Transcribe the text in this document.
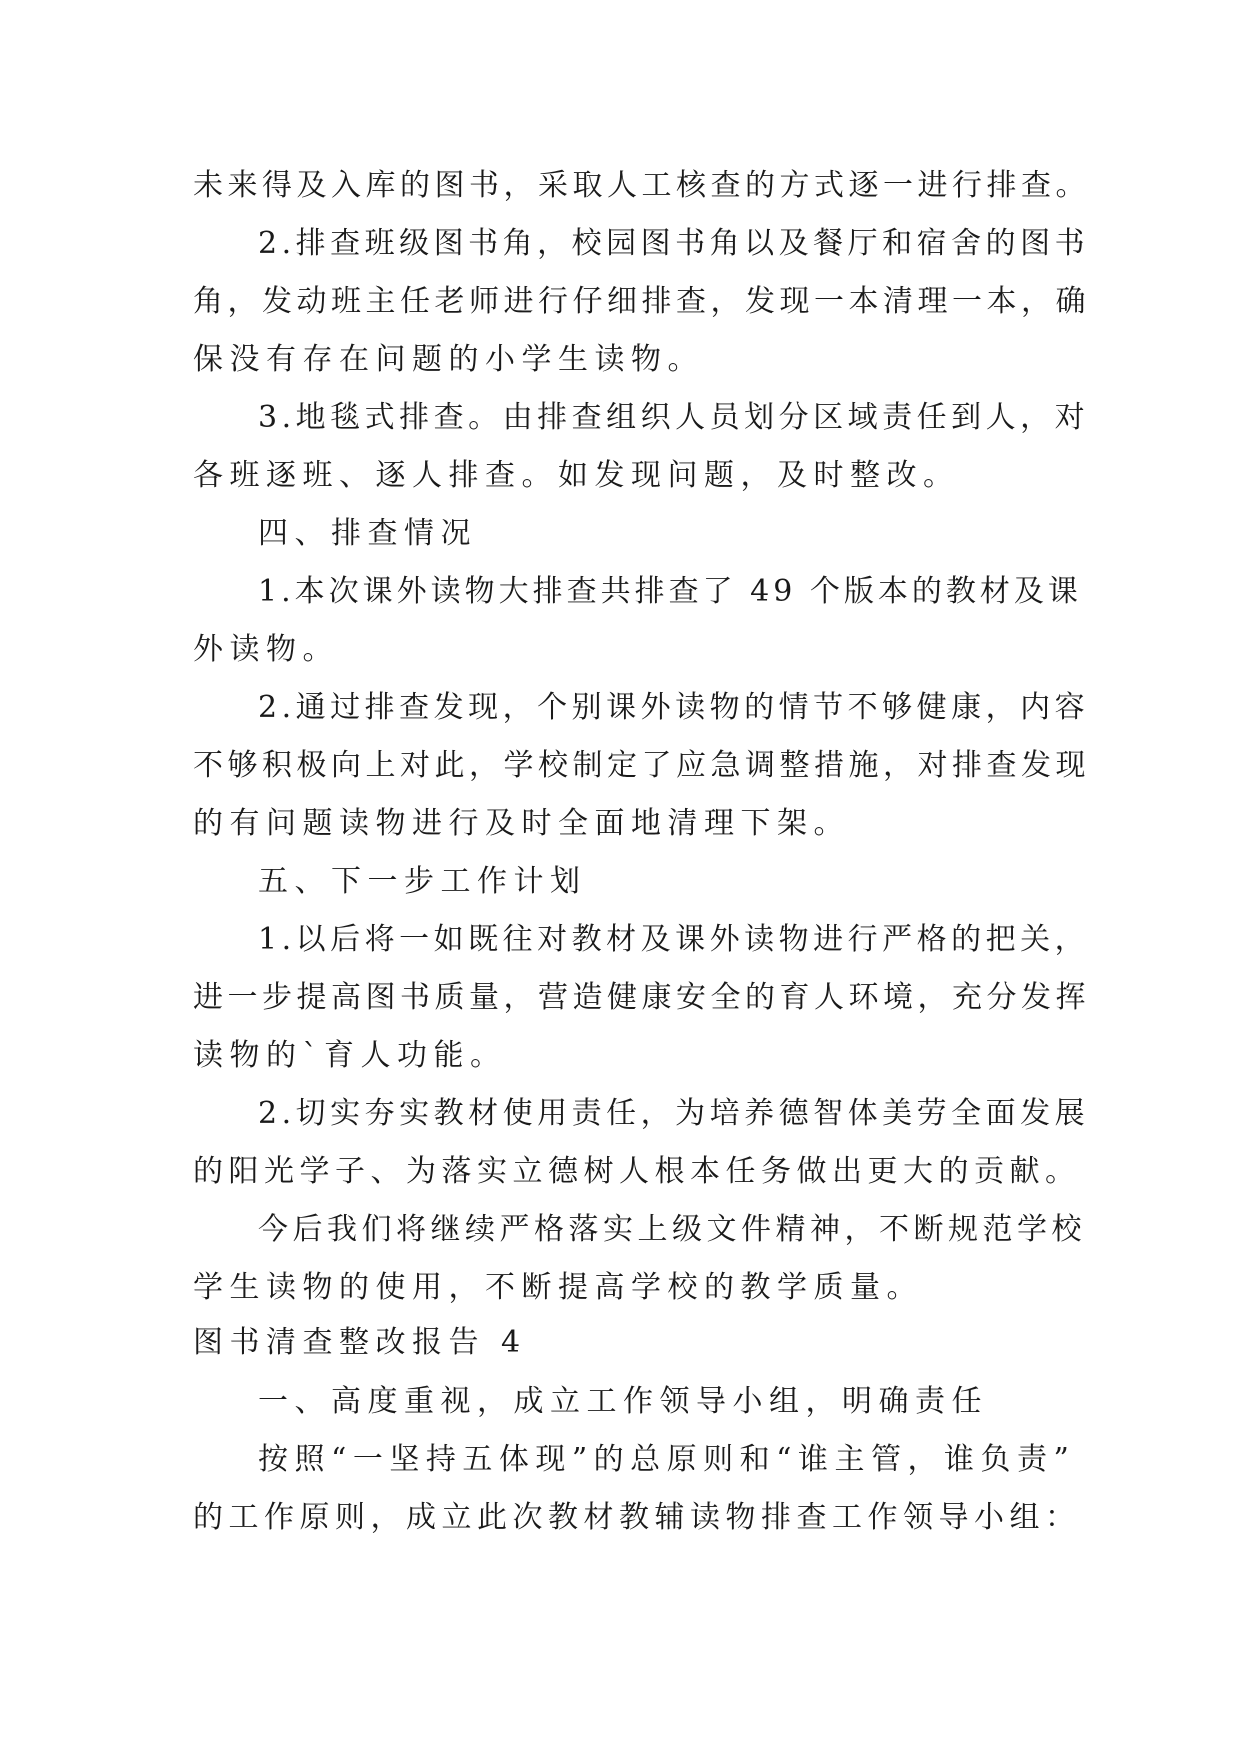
未来得及入库的图书，采取人工核查的方式逐一进行排查。
2.排查班级图书角，校园图书角以及餐厅和宿舍的图书
角，发动班主任老师进行仔细排查，发现一本清理一本，确
保没有存在问题的小学生读物。
3.地毯式排查。由排查组织人员划分区域责任到人，对
各班逐班、逐人排查。如发现问题，及时整改。
四、排查情况
1.本次课外读物大排查共排查了 49 个版本的教材及课
外读物。
2.通过排查发现，个别课外读物的情节不够健康，内容
不够积极向上对此，学校制定了应急调整措施，对排查发现
的有问题读物进行及时全面地清理下架。
五、下一步工作计划
1.以后将一如既往对教材及课外读物进行严格的把关，
进一步提高图书质量，营造健康安全的育人环境，充分发挥
读物的`育人功能。
2.切实夯实教材使用责任，为培养德智体美劳全面发展
的阳光学子、为落实立德树人根本任务做出更大的贡献。
今后我们将继续严格落实上级文件精神，不断规范学校
学生读物的使用，不断提高学校的教学质量。
图书清查整改报告 4
一、高度重视，成立工作领导小组，明确责任
按照“一坚持五体现”的总原则和“谁主管，谁负责”
的工作原则，成立此次教材教辅读物排查工作领导小组：
